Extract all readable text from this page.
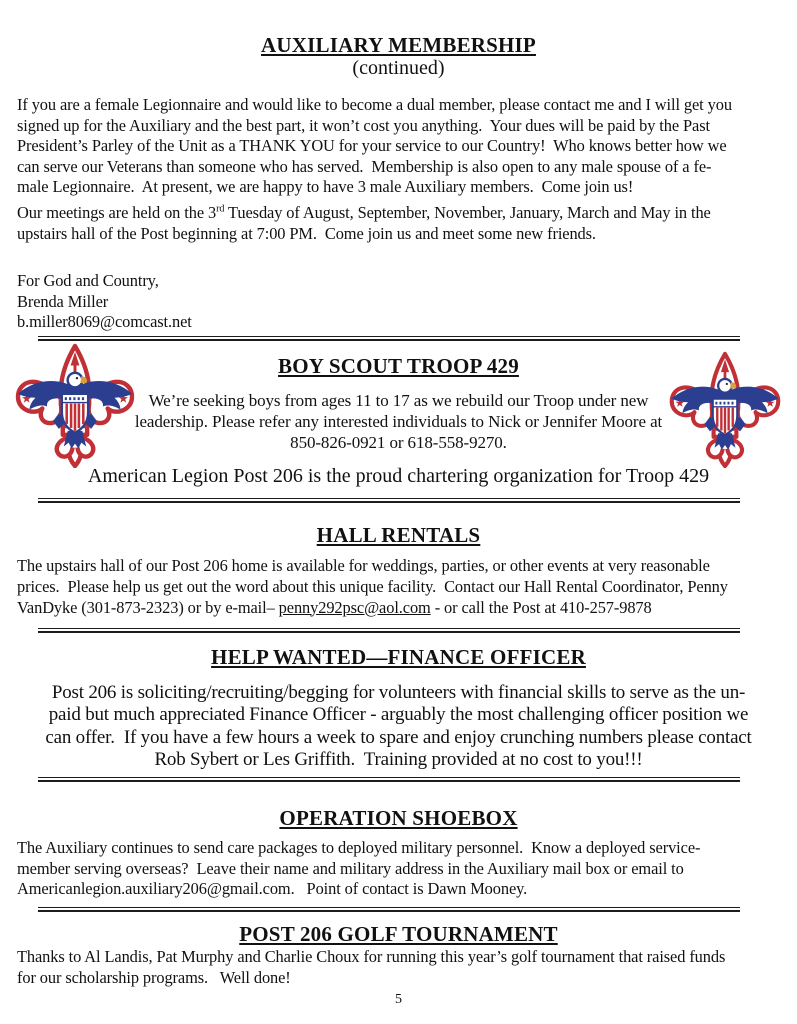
AUXILIARY MEMBERSHIP
(continued)
If you are a female Legionnaire and would like to become a dual member, please contact me and I will get you
signed up for the Auxiliary and the best part, it won’t cost you anything.  Your dues will be paid by the Past
President’s Parley of the Unit as a THANK YOU for your service to our Country!  Who knows better how we
can serve our Veterans than someone who has served.  Membership is also open to any male spouse of a fe-
male Legionnaire.  At present, we are happy to have 3 male Auxiliary members.  Come join us!
Our meetings are held on the 3rd Tuesday of August, September, November, January, March and May in the
upstairs hall of the Post beginning at 7:00 PM.  Come join us and meet some new friends.
For God and Country,
Brenda Miller
b.miller8069@comcast.net
BOY SCOUT TROOP 429
We’re seeking boys from ages 11 to 17 as we rebuild our Troop under new
leadership. Please refer any interested individuals to Nick or Jennifer Moore at
850-826-0921 or 618-558-9270.
American Legion Post 206 is the proud chartering organization for Troop 429
HALL RENTALS
The upstairs hall of our Post 206 home is available for weddings, parties, or other events at very reasonable
prices.  Please help us get out the word about this unique facility.  Contact our Hall Rental Coordinator, Penny
VanDyke (301-873-2323) or by e-mail– penny292psc@aol.com - or call the Post at 410-257-9878
HELP WANTED—FINANCE OFFICER
Post 206 is soliciting/recruiting/begging for volunteers with financial skills to serve as the un-
paid but much appreciated Finance Officer - arguably the most challenging officer position we
can offer.  If you have a few hours a week to spare and enjoy crunching numbers please contact
Rob Sybert or Les Griffith.  Training provided at no cost to you!!!
OPERATION SHOEBOX
The Auxiliary continues to send care packages to deployed military personnel.  Know a deployed service-
member serving overseas?  Leave their name and military address in the Auxiliary mail box or email to
Americanlegion.auxiliary206@gmail.com.   Point of contact is Dawn Mooney.
POST 206 GOLF TOURNAMENT
Thanks to Al Landis, Pat Murphy and Charlie Choux for running this year’s golf tournament that raised funds
for our scholarship programs.   Well done!
5
